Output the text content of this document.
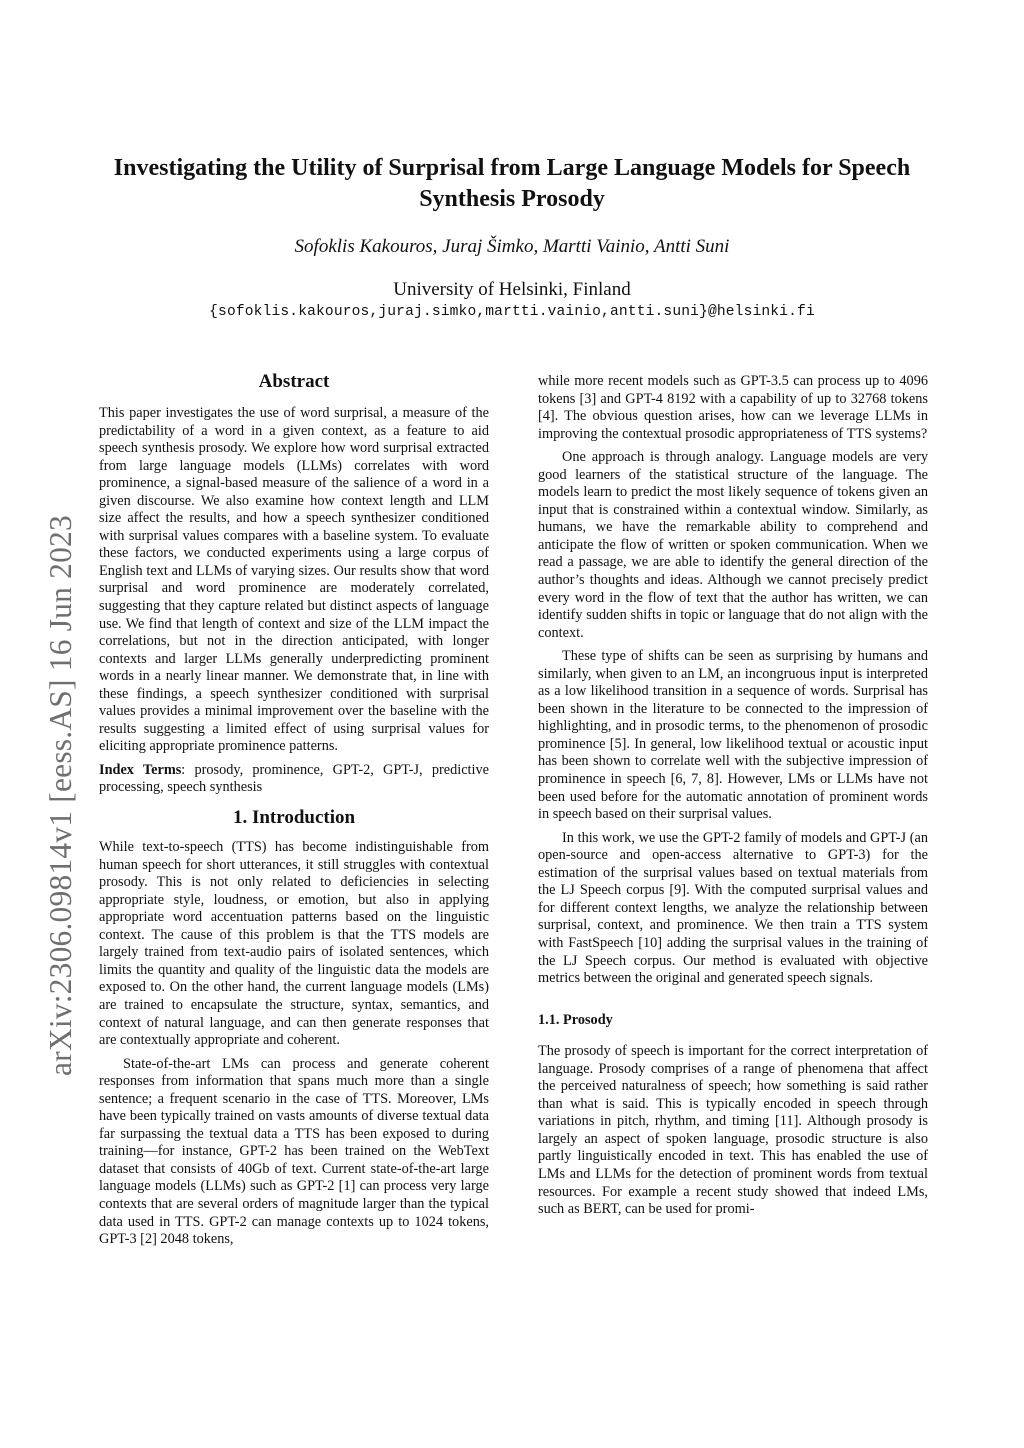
arXiv:2306.09814v1 [eess.AS] 16 Jun 2023
Investigating the Utility of Surprisal from Large Language Models for Speech Synthesis Prosody
Sofoklis Kakouros, Juraj Šimko, Martti Vainio, Antti Suni
University of Helsinki, Finland
{sofoklis.kakouros,juraj.simko,martti.vainio,antti.suni}@helsinki.fi
Abstract

This paper investigates the use of word surprisal, a measure of the predictability of a word in a given context, as a feature to aid speech synthesis prosody. We explore how word surprisal extracted from large language models (LLMs) correlates with word prominence, a signal-based measure of the salience of a word in a given discourse. We also examine how context length and LLM size affect the results, and how a speech synthesizer conditioned with surprisal values compares with a baseline system. To evaluate these factors, we conducted experiments using a large corpus of English text and LLMs of varying sizes. Our results show that word surprisal and word prominence are moderately correlated, suggesting that they capture related but distinct aspects of language use. We find that length of context and size of the LLM impact the correlations, but not in the direction anticipated, with longer contexts and larger LLMs generally underpredicting prominent words in a nearly linear manner. We demonstrate that, in line with these findings, a speech synthesizer conditioned with surprisal values provides a minimal improvement over the baseline with the results suggesting a limited effect of using surprisal values for eliciting appropriate prominence patterns.

Index Terms: prosody, prominence, GPT-2, GPT-J, predictive processing, speech synthesis

1. Introduction

While text-to-speech (TTS) has become indistinguishable from human speech for short utterances, it still struggles with contextual prosody. This is not only related to deficiencies in selecting appropriate style, loudness, or emotion, but also in applying appropriate word accentuation patterns based on the linguistic context. The cause of this problem is that the TTS models are largely trained from text-audio pairs of isolated sentences, which limits the quantity and quality of the linguistic data the models are exposed to. On the other hand, the current language models (LMs) are trained to encapsulate the structure, syntax, semantics, and context of natural language, and can then generate responses that are contextually appropriate and coherent.

State-of-the-art LMs can process and generate coherent responses from information that spans much more than a single sentence; a frequent scenario in the case of TTS. Moreover, LMs have been typically trained on vasts amounts of diverse textual data far surpassing the textual data a TTS has been exposed to during training—for instance, GPT-2 has been trained on the WebText dataset that consists of 40Gb of text. Current state-of-the-art large language models (LLMs) such as GPT-2 [1] can process very large contexts that are several orders of magnitude larger than the typical data used in TTS. GPT-2 can manage contexts up to 1024 tokens, GPT-3 [2] 2048 tokens,

while more recent models such as GPT-3.5 can process up to 4096 tokens [3] and GPT-4 8192 with a capability of up to 32768 tokens [4]. The obvious question arises, how can we leverage LLMs in improving the contextual prosodic appropriateness of TTS systems?

One approach is through analogy. Language models are very good learners of the statistical structure of the language. The models learn to predict the most likely sequence of tokens given an input that is constrained within a contextual window. Similarly, as humans, we have the remarkable ability to comprehend and anticipate the flow of written or spoken communication. When we read a passage, we are able to identify the general direction of the author’s thoughts and ideas. Although we cannot precisely predict every word in the flow of text that the author has written, we can identify sudden shifts in topic or language that do not align with the context.

These type of shifts can be seen as surprising by humans and similarly, when given to an LM, an incongruous input is interpreted as a low likelihood transition in a sequence of words. Surprisal has been shown in the literature to be connected to the impression of highlighting, and in prosodic terms, to the phenomenon of prosodic prominence [5]. In general, low likelihood textual or acoustic input has been shown to correlate well with the subjective impression of prominence in speech [6, 7, 8]. However, LMs or LLMs have not been used before for the automatic annotation of prominent words in speech based on their surprisal values.

In this work, we use the GPT-2 family of models and GPT-J (an open-source and open-access alternative to GPT-3) for the estimation of the surprisal values based on textual materials from the LJ Speech corpus [9]. With the computed surprisal values and for different context lengths, we analyze the relationship between surprisal, context, and prominence. We then train a TTS system with FastSpeech [10] adding the surprisal values in the training of the LJ Speech corpus. Our method is evaluated with objective metrics between the original and generated speech signals.

1.1. Prosody

The prosody of speech is important for the correct interpretation of language. Prosody comprises of a range of phenomena that affect the perceived naturalness of speech; how something is said rather than what is said. This is typically encoded in speech through variations in pitch, rhythm, and timing [11]. Although prosody is largely an aspect of spoken language, prosodic structure is also partly linguistically encoded in text. This has enabled the use of LMs and LLMs for the detection of prominent words from textual resources. For example a recent study showed that indeed LMs, such as BERT, can be used for promi-
